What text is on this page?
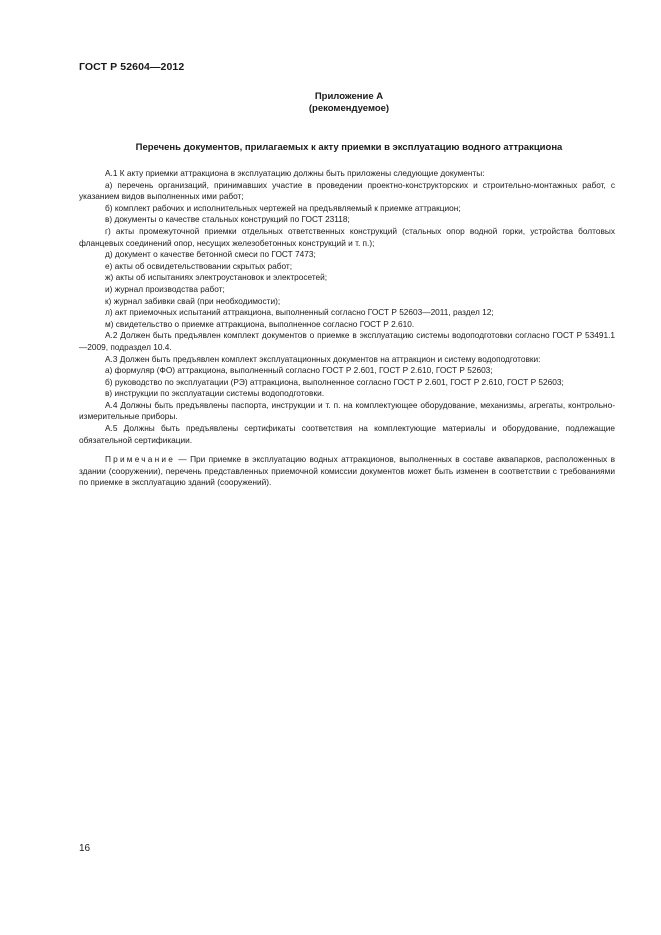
ГОСТ Р 52604—2012
Приложение А
(рекомендуемое)
Перечень документов, прилагаемых к акту приемки в эксплуатацию водного аттракциона

А.1 К акту приемки аттракциона в эксплуатацию должны быть приложены следующие документы:

а) перечень организаций, принимавших участие в проведении проектно-конструкторских и строительно-монтажных работ, с указанием видов выполненных ими работ;

б) комплект рабочих и исполнительных чертежей на предъявляемый к приемке аттракцион;

в) документы о качестве стальных конструкций по ГОСТ 23118;

г) акты промежуточной приемки отдельных ответственных конструкций (стальных опор водной горки, устройства болтовых фланцевых соединений опор, несущих железобетонных конструкций и т. п.);

д) документ о качестве бетонной смеси по ГОСТ 7473;

е) акты об освидетельствовании скрытых работ;

ж) акты об испытаниях электроустановок и электросетей;

и) журнал производства работ;

к) журнал забивки свай (при необходимости);

л) акт приемочных испытаний аттракциона, выполненный согласно ГОСТ Р 52603—2011, раздел 12;

м) свидетельство о приемке аттракциона, выполненное согласно ГОСТ Р 2.610.

А.2 Должен быть предъявлен комплект документов о приемке в эксплуатацию системы водоподготовки согласно ГОСТ Р 53491.1—2009, подраздел 10.4.

А.3 Должен быть предъявлен комплект эксплуатационных документов на аттракцион и систему водоподготовки:

а) формуляр (ФО) аттракциона, выполненный согласно ГОСТ Р 2.601, ГОСТ Р 2.610, ГОСТ Р 52603;

б) руководство по эксплуатации (РЭ) аттракциона, выполненное согласно ГОСТ Р 2.601, ГОСТ Р 2.610, ГОСТ Р 52603;

в) инструкции по эксплуатации системы водоподготовки.

А.4 Должны быть предъявлены паспорта, инструкции и т. п. на комплектующее оборудование, механизмы, агрегаты, контрольно-измерительные приборы.

А.5 Должны быть предъявлены сертификаты соответствия на комплектующие материалы и оборудование, подлежащие обязательной сертификации.

Примечание — При приемке в эксплуатацию водных аттракционов, выполненных в составе аквапарков, расположенных в здании (сооружении), перечень представленных приемочной комиссии документов может быть изменен в соответствии с требованиями по приемке в эксплуатацию зданий (сооружений).

16
